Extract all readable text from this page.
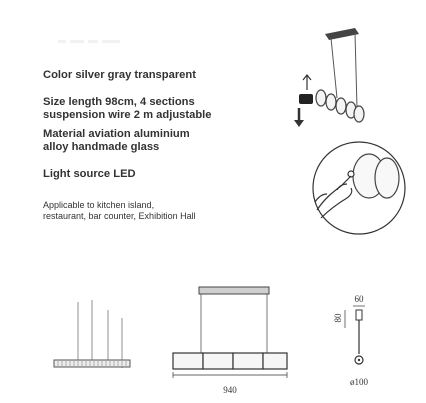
Color silver gray transparent
Size length 98cm, 4 sections
suspension wire 2 m adjustable
Material aviation aluminium
alloy handmade glass
Light source LED
Applicable to kitchen island,
restaurant, bar counter, Exhibition Hall
940
60
80
ø100
